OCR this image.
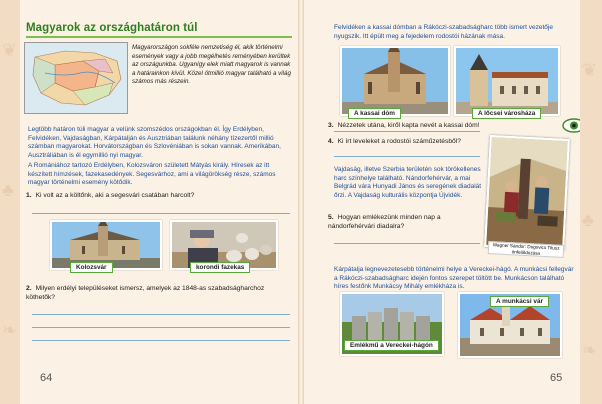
❦
♣
❧
❦
♣
❧
Magyarok az országhatáron túl
Magyarországon sokféle nemzetiség él, akik történelmi események vagy a jobb megélhetés reményében kerültek az országunkba. Ugyanígy elek miatt magyarok is vannak a határainkon kívül. Közel ötmillió magyar található a világ számos más részein.
Legtöbb határon túli magyar a velünk szomszédos országokban él. Így Erdélyben, Felvidéken, Vajdaságban, Kárpátalján és Ausztriában találunk néhány tízezertől millió számban magyarokat. Horvátországban és Szlovéniában is sokan vannak. Amerikában, Ausztráliában is él egymillió nyi magyar.
A Romániához tartozó Erdélyben, Kolozsváron született Mátyás király. Híresek az itt készített hímzések, fazekasedények. Segesvárhoz, ami a világörökség része, számos magyar történelmi esemény kötődik.
1. Ki volt az a költőnk, aki a segesvári csatában harcolt?
Kolozsvár	korondi fazekas
2. Milyen erdélyi településeket ismersz, amelyek az 1848-as szabadságharchoz köthetők?
64
Felvidéken a kassai dómban a Rákóczi-szabadságharc több ismert vezetője nyugszik. Itt épült meg a fejedelem rodostói házának mása.
A kassai dóm	A lőcsei városháza
3. Nézzetek utána, kiről kapta nevét a kassai dóm!
4. Ki írt leveleket a rodostói száműzetésből?
Vajdaság, illetve Szerbia területén sok törökellenes harc színhelye található. Nándorfehérvár, a mai Belgrád vára Hunyadi János és seregének diadalát őrzi. A Vajdaság kulturális központja Újvidék.
5. Hogyan emlékezünk minden nap a nándorfehérvári diadalra?
Wagner Sándor: Dugovics Titusz önfeláldozása
Kárpátalja legnevezetesebb történelmi helye a Vereckei-hágó. A munkácsi fellegvár a Rákóczi-szabadságharc idején fontos szerepet töltött be. Munkácson található híres festőnk Munkácsy Mihály emlékháza is.
Emlékmű a Vereckei-hágón
A munkácsi vár
65
